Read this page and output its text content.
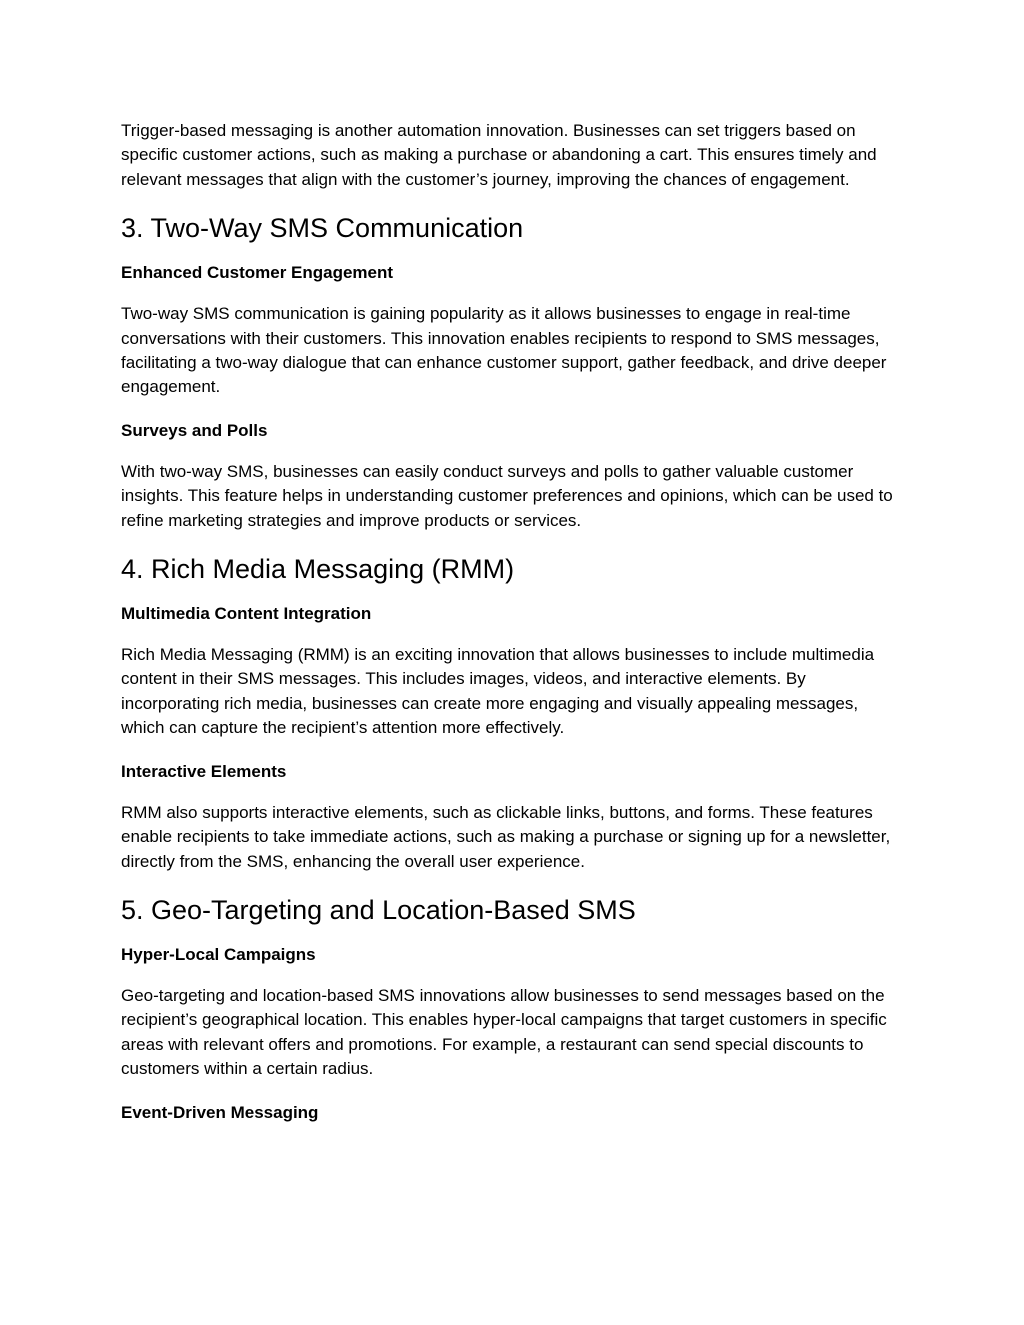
Trigger-based messaging is another automation innovation. Businesses can set triggers based on specific customer actions, such as making a purchase or abandoning a cart. This ensures timely and relevant messages that align with the customer’s journey, improving the chances of engagement.

3. Two-Way SMS Communication
Enhanced Customer Engagement

Two-way SMS communication is gaining popularity as it allows businesses to engage in real-time conversations with their customers. This innovation enables recipients to respond to SMS messages, facilitating a two-way dialogue that can enhance customer support, gather feedback, and drive deeper engagement.

Surveys and Polls

With two-way SMS, businesses can easily conduct surveys and polls to gather valuable customer insights. This feature helps in understanding customer preferences and opinions, which can be used to refine marketing strategies and improve products or services.

4. Rich Media Messaging (RMM)
Multimedia Content Integration

Rich Media Messaging (RMM) is an exciting innovation that allows businesses to include multimedia content in their SMS messages. This includes images, videos, and interactive elements. By incorporating rich media, businesses can create more engaging and visually appealing messages, which can capture the recipient’s attention more effectively.

Interactive Elements

RMM also supports interactive elements, such as clickable links, buttons, and forms. These features enable recipients to take immediate actions, such as making a purchase or signing up for a newsletter, directly from the SMS, enhancing the overall user experience.

5. Geo-Targeting and Location-Based SMS
Hyper-Local Campaigns

Geo-targeting and location-based SMS innovations allow businesses to send messages based on the recipient’s geographical location. This enables hyper-local campaigns that target customers in specific areas with relevant offers and promotions. For example, a restaurant can send special discounts to customers within a certain radius.

Event-Driven Messaging
